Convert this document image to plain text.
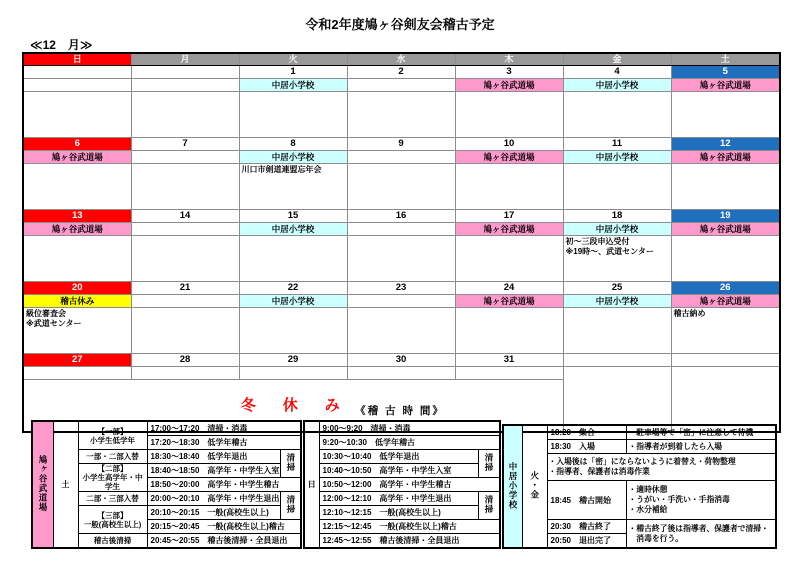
令和2年度鳩ヶ谷剣友会稽古予定
≪12　月≫
日	月	火	水	木	金	土
		1	2	3	4	5
		中居小学校		鳩ヶ谷武道場	中居小学校	鳩ヶ谷武道場

6	7	8	9	10	11	12
鳩ヶ谷武道場		中居小学校		鳩ヶ谷武道場	中居小学校	鳩ヶ谷武道場

		川口市剣道連盟忘年会				

13	14	15	16	17	18	19
鳩ヶ谷武道場		中居小学校		鳩ヶ谷武道場	中居小学校	鳩ヶ谷武道場

					初～三段申込受付
※19時～、武道センター	

20	21	22	23	24	25	26
稽古休み		中居小学校		鳩ヶ谷武道場	中居小学校	鳩ヶ谷武道場

級位審査会
※武道センター						稽古納め

27	28	29	30	31		

冬　休　み						《稽 古 時 間》
鳩ヶ谷武道場	土	【一部】
小学生低学年	17:00～17:20　清掃・消毒	
			17:20～18:30　低学年稽古	
		一部・二部入替	18:30～18:40　低学年退出	清掃

		【二部】
小学生高学年・中学生	18:40～18:50　高学年・中学生入室	
			18:50～20:00　高学年・中学生稽古	
		二部・三部入替	20:00～20:10　高学年・中学生退出	清掃

		【三部】
一般(高校生以上)	20:10～20:15　一般(高校生以上)	
			20:15～20:45　一般(高校生以上)稽古	
		稽古後清掃	20:45～20:55　稽古後清掃・全員退出	
日	9:00～9:20　清掃・消毒	
	9:20～10:30　低学年稽古	
	10:30～10:40　低学年退出	清掃
	10:40～10:50　高学年・中学生入室	
	10:50～12:00　高学年・中学生稽古	
	12:00～12:10　高学年・中学生退出	清掃
	12:10～12:15　一般(高校生以上)	
	12:15～12:45　一般(高校生以上)稽古	
	12:45～12:55　稽古後清掃・全員退出	
中居小学校	火・金	18:20　集合	・駐車場等で「密」に注意して待機
		18:30　入場	・指導者が到着したら入場

		・入場後は「密」にならないように着替え・荷物整理
・指導者、保護者は消毒作業	

		18:45　稽古開始	・適時休憩
・うがい・手洗い・手指消毒
・水分補給

		20:30　稽古終了	・稽古終了後は指導者、保護者で清掃・
　消毒を行う。

		20:50　退出完了	
